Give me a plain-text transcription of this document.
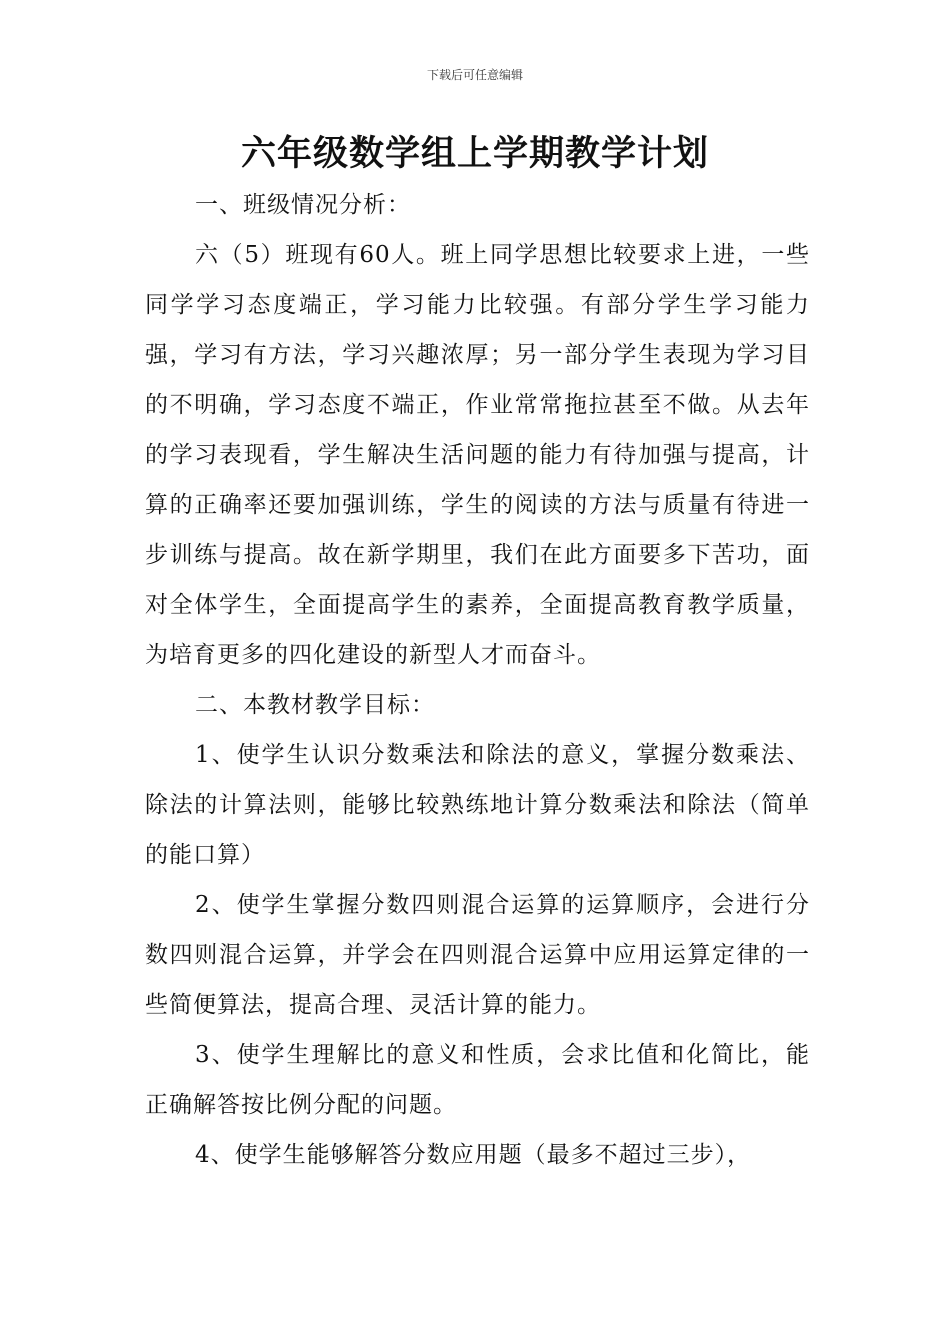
下载后可任意编辑
六年级数学组上学期教学计划

一、班级情况分析：

六（5）班现有60人。班上同学思想比较要求上进，一些同学学习态度端正，学习能力比较强。有部分学生学习能力强，学习有方法，学习兴趣浓厚；另一部分学生表现为学习目的不明确，学习态度不端正，作业常常拖拉甚至不做。从去年的学习表现看，学生解决生活问题的能力有待加强与提高，计算的正确率还要加强训练，学生的阅读的方法与质量有待进一步训练与提高。故在新学期里，我们在此方面要多下苦功，面对全体学生，全面提高学生的素养，全面提高教育教学质量，为培育更多的四化建设的新型人才而奋斗。

二、本教材教学目标：

1、使学生认识分数乘法和除法的意义，掌握分数乘法、除法的计算法则，能够比较熟练地计算分数乘法和除法（简单的能口算）

2、使学生掌握分数四则混合运算的运算顺序，会进行分数四则混合运算，并学会在四则混合运算中应用运算定律的一些简便算法，提高合理、灵活计算的能力。

3、使学生理解比的意义和性质，会求比值和化简比，能正确解答按比例分配的问题。

4、使学生能够解答分数应用题（最多不超过三步），
